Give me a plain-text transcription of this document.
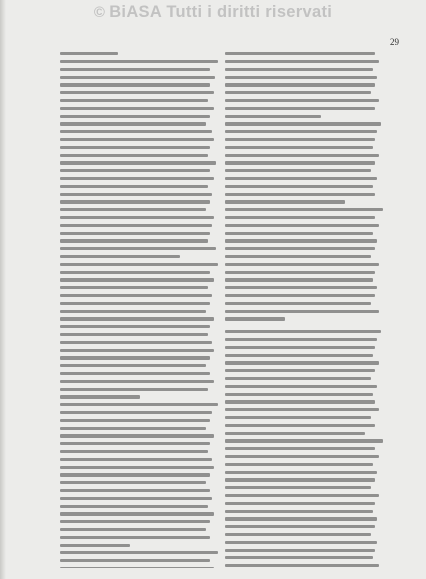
© BiASA Tutti i diritti riservati
29
